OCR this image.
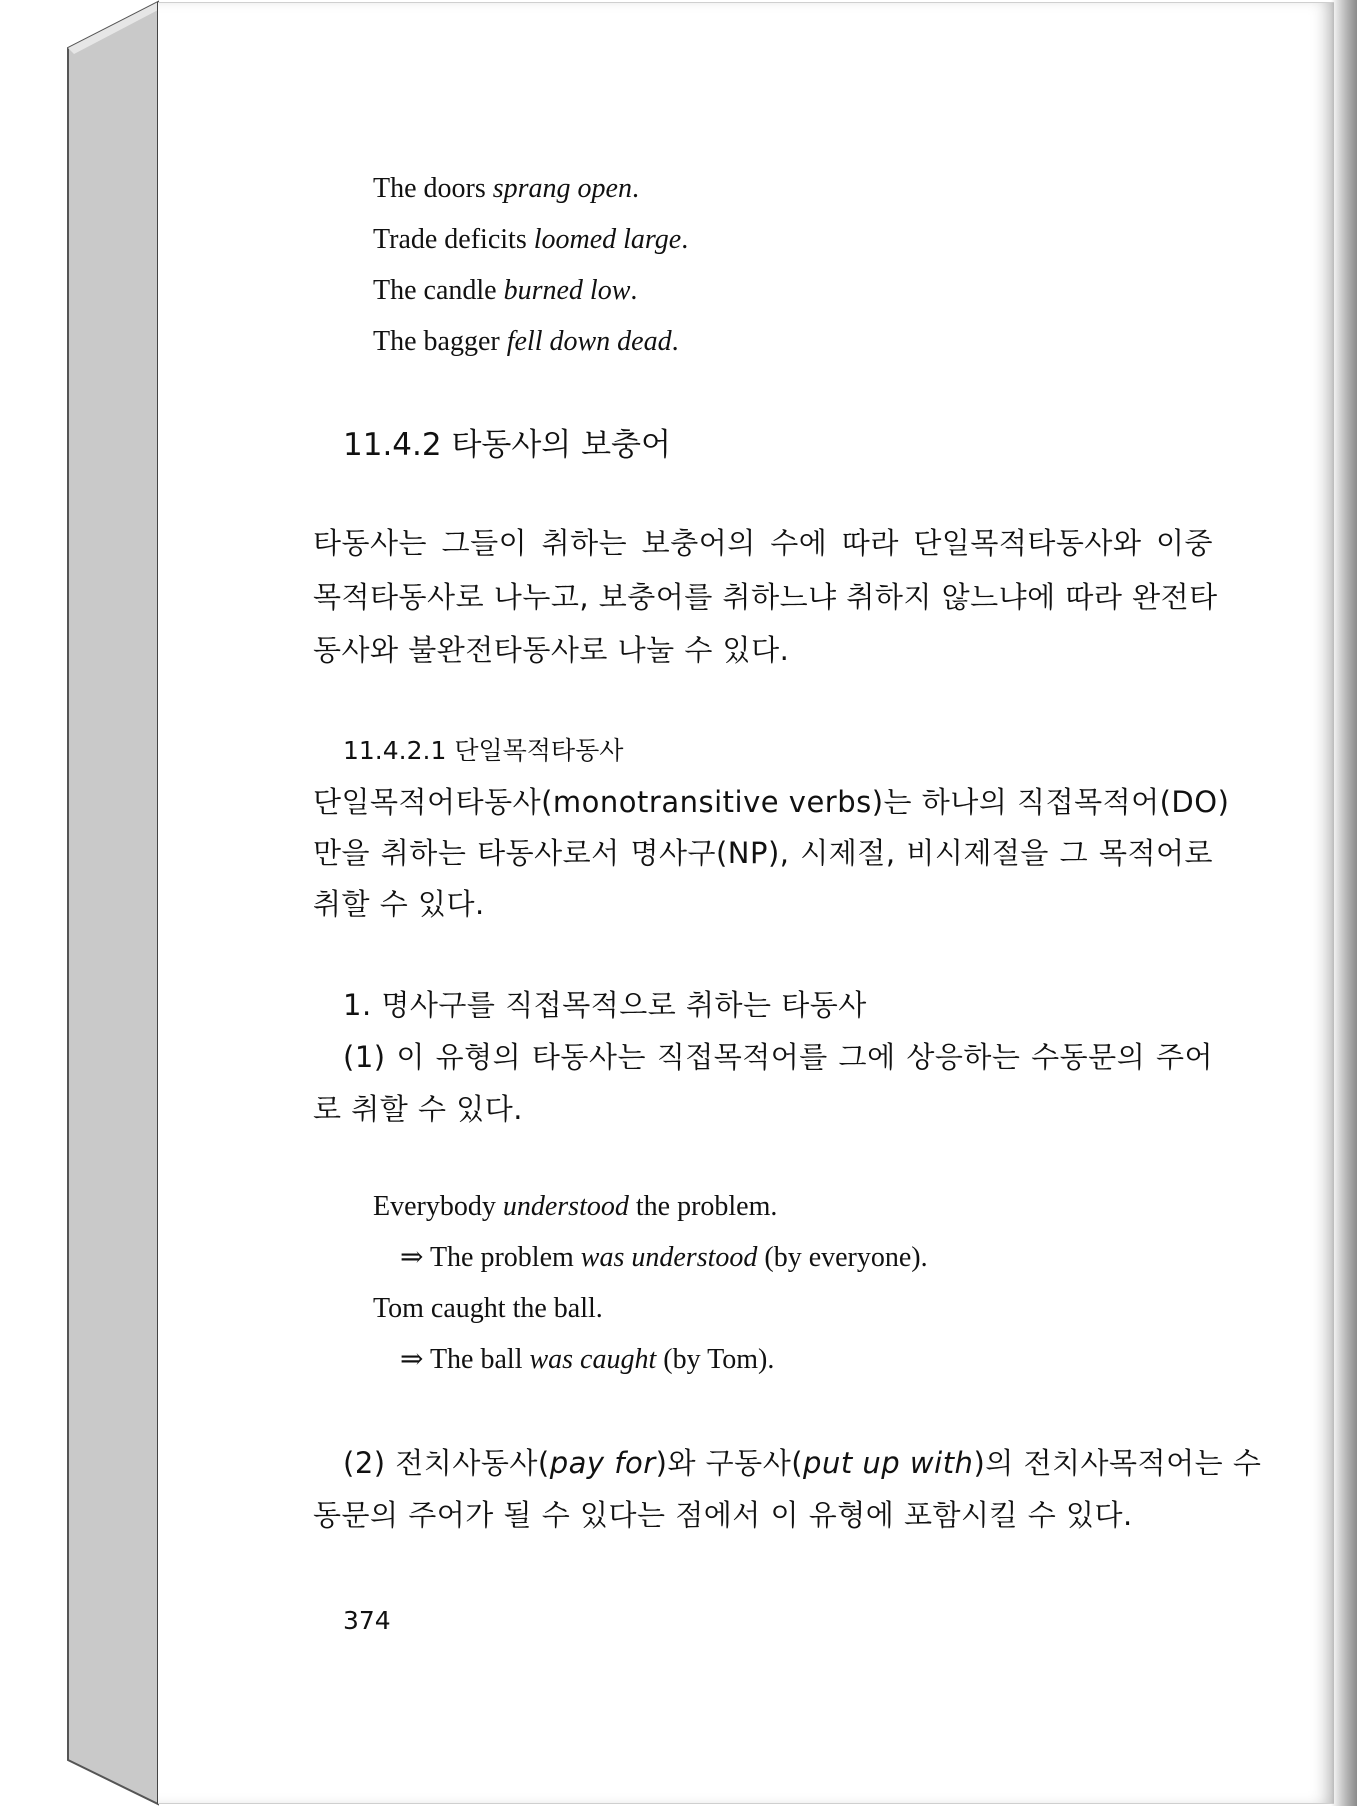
The doors sprang open.
Trade deficits loomed large.
The candle burned low.
The bagger fell down dead.
11.4.2 타동사의 보충어
타동사는 그들이 취하는 보충어의 수에 따라 단일목적타동사와 이중
목적타동사로 나누고, 보충어를 취하느냐 취하지 않느냐에 따라 완전타
동사와 불완전타동사로 나눌 수 있다.
11.4.2.1 단일목적타동사
단일목적어타동사(monotransitive verbs)는 하나의 직접목적어(DO)
만을 취하는 타동사로서 명사구(NP), 시제절, 비시제절을 그 목적어로
취할 수 있다.
1. 명사구를 직접목적으로 취하는 타동사
(1) 이 유형의 타동사는 직접목적어를 그에 상응하는 수동문의 주어
로 취할 수 있다.
Everybody understood the problem.
⇒ The problem was understood (by everyone).
Tom caught the ball.
⇒ The ball was caught (by Tom).
(2) 전치사동사(pay for)와 구동사(put up with)의 전치사목적어는 수
동문의 주어가 될 수 있다는 점에서 이 유형에 포함시킬 수 있다.
374
